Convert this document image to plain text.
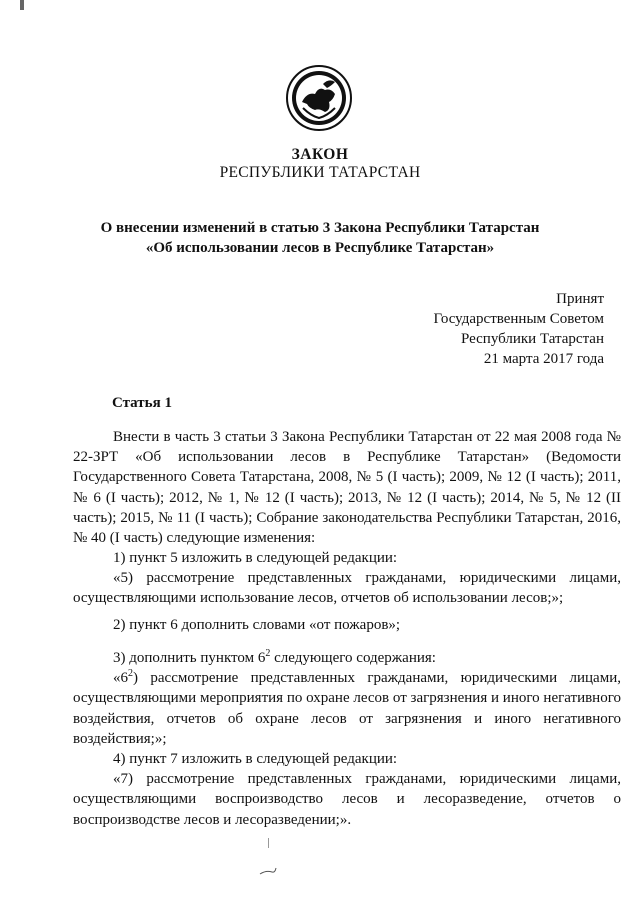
ЗАКОН
РЕСПУБЛИКИ ТАТАРСТАН
О внесении изменений в статью 3 Закона Республики Татарстан
«Об использовании лесов в Республике Татарстан»
Принят
Государственным Советом
Республики Татарстан
21 марта 2017 года
Статья 1

Внести в часть 3 статьи 3 Закона Республики Татарстан от 22 мая 2008 года № 22-ЗРТ «Об использовании лесов в Республике Татарстан» (Ведомости Государственного Совета Татарстана, 2008, № 5 (I часть); 2009, № 12 (I часть); 2011, № 6 (I часть); 2012, № 1, № 12 (I часть); 2013, № 12 (I часть); 2014, № 5, № 12 (II часть); 2015, № 11 (I часть); Собрание законодательства Республики Татарстан, 2016, № 40 (I часть) следующие изменения:

1) пункт 5 изложить в следующей редакции:

«5) рассмотрение представленных гражданами, юридическими лицами, осуществляющими использование лесов, отчетов об использовании лесов;»;

2) пункт 6 дополнить словами «от пожаров»;

3) дополнить пунктом $6^2$ следующего содержания:

«$6^2$) рассмотрение представленных гражданами, юридическими лицами, осуществляющими мероприятия по охране лесов от загрязнения и иного негативного воздействия, отчетов об охране лесов от загрязнения и иного негативного воздействия;»;

4) пункт 7 изложить в следующей редакции:

«7) рассмотрение представленных гражданами, юридическими лицами, осуществляющими воспроизводство лесов и лесоразведение, отчетов о воспроизводстве лесов и лесоразведении;».
